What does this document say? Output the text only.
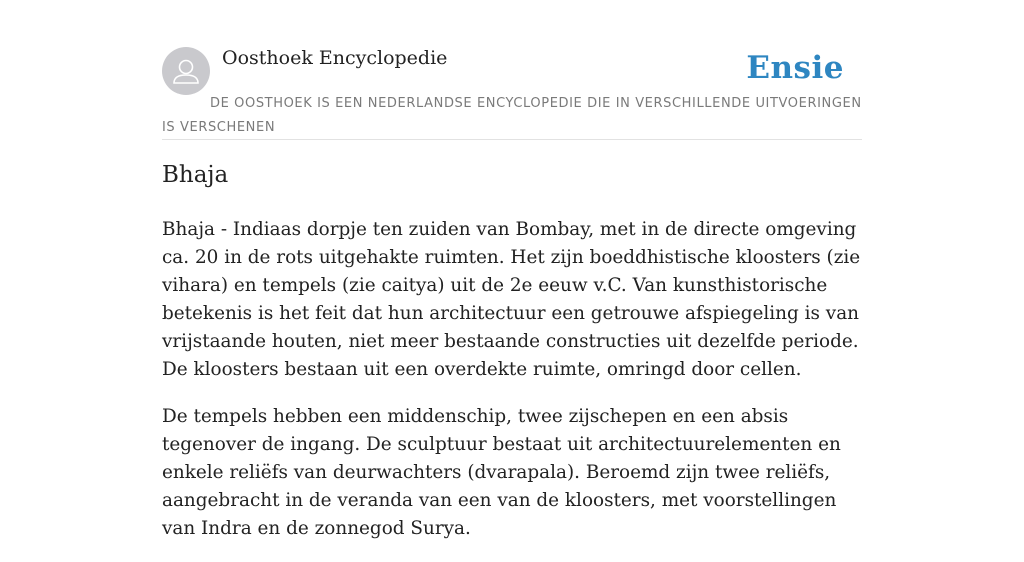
Oosthoek Encyclopedie	Ensie
DE OOSTHOEK IS EEN NEDERLANDSE ENCYCLOPEDIE DIE IN VERSCHILLENDE UITVOERINGEN IS VERSCHENEN
Bhaja

Bhaja - Indiaas dorpje ten zuiden van Bombay, met in de directe omgeving ca. 20 in de rots uitgehakte ruimten. Het zijn boeddhistische kloosters (zie vihara) en tempels (zie caitya) uit de 2e eeuw v.C. Van kunsthistorische betekenis is het feit dat hun architectuur een getrouwe afspiegeling is van vrijstaande houten, niet meer bestaande constructies uit dezelfde periode. De kloosters bestaan uit een overdekte ruimte, omringd door cellen.

De tempels hebben een middenschip, twee zijschepen en een absis tegenover de ingang. De sculptuur bestaat uit architectuurelementen en enkele reliëfs van deurwachters (dvarapala). Beroemd zijn twee reliëfs, aangebracht in de veranda van een van de kloosters, met voorstellingen van Indra en de zonnegod Surya.
